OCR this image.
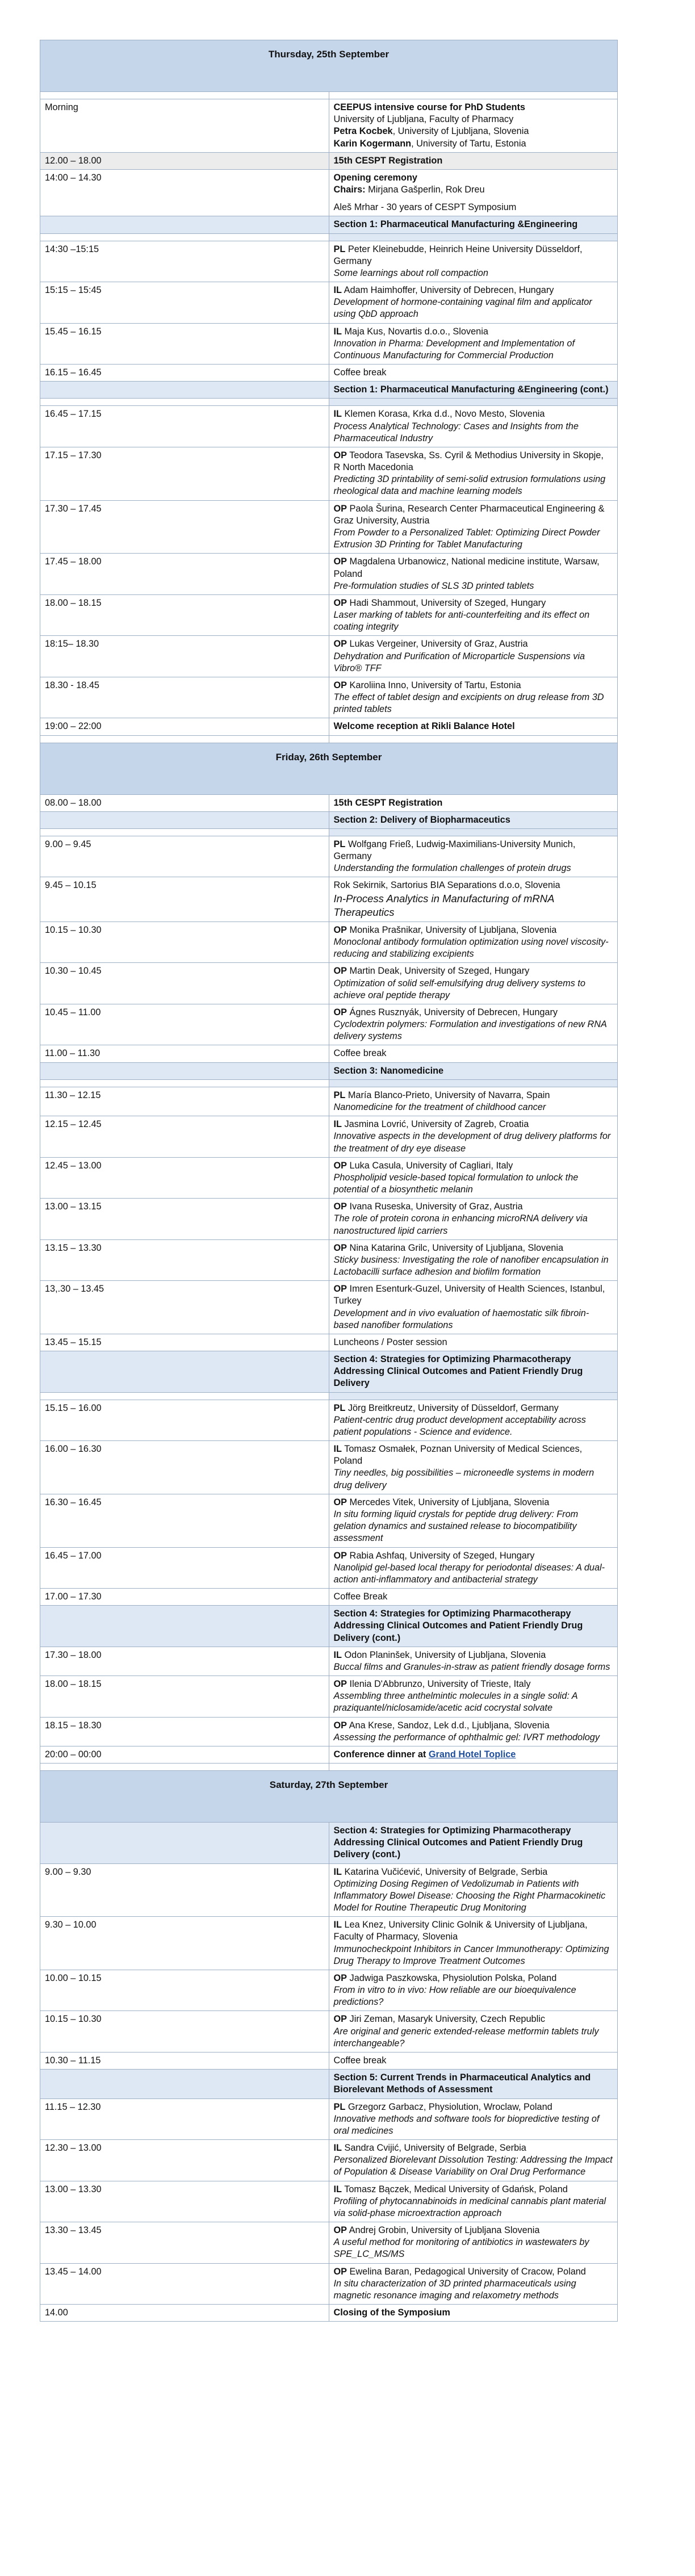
Thursday, 25th September	

Morning	CEEPUS intensive course for PhD Students
University of Ljubljana, Faculty of Pharmacy
Petra Kocbek, University of Ljubljana, Slovenia
Karin Kogermann, University of Tartu, Estonia

12.00 – 18.00	15th CESPT Registration

14:00 – 14.30	Opening ceremony
Chairs: Mirjana Gašperlin, Rok Dreu
Aleš Mrhar - 30 years of CESPT Symposium

	Section 1: Pharmaceutical Manufacturing &Engineering

14:30 –15:15	PL Peter Kleinebudde, Heinrich Heine University Düsseldorf, Germany
Some learnings about roll compaction

15:15 – 15:45	IL Adam Haimhoffer, University of Debrecen, Hungary
Development of hormone-containing vaginal film and applicator using QbD approach

15.45 – 16.15	IL Maja Kus, Novartis d.o.o., Slovenia
Innovation in Pharma: Development and Implementation of Continuous Manufacturing for Commercial Production

16.15 – 16.45	Coffee break

	Section 1: Pharmaceutical Manufacturing &Engineering (cont.)

16.45 – 17.15	IL Klemen Korasa, Krka d.d., Novo Mesto, Slovenia
Process Analytical Technology: Cases and Insights from the Pharmaceutical Industry

17.15 – 17.30	OP Teodora Tasevska, Ss. Cyril & Methodius University in Skopje, R North Macedonia
Predicting 3D printability of semi-solid extrusion formulations using rheological data and machine learning models

17.30 – 17.45	OP Paola Šurina, Research Center Pharmaceutical Engineering & Graz University, Austria
From Powder to a Personalized Tablet: Optimizing Direct Powder Extrusion 3D Printing for Tablet Manufacturing

17.45 – 18.00	OP Magdalena Urbanowicz, National medicine institute, Warsaw, Poland
Pre-formulation studies of SLS 3D printed tablets

18.00 – 18.15	OP Hadi Shammout, University of Szeged, Hungary
Laser marking of tablets for anti-counterfeiting and its effect on coating integrity

18:15– 18.30	OP Lukas Vergeiner, University of Graz, Austria
Dehydration and Purification of Microparticle Suspensions via Vibro® TFF

18.30 - 18.45	OP Karoliina Inno, University of Tartu, Estonia
The effect of tablet design and excipients on drug release from 3D printed tablets

19:00 – 22:00	Welcome reception at Rikli Balance Hotel

Friday, 26th September	
08.00 – 18.00	15th CESPT Registration

	Section 2: Delivery of Biopharmaceutics

9.00 – 9.45	PL Wolfgang Frieß, Ludwig-Maximilians-University Munich, Germany
Understanding the formulation challenges of protein drugs

9.45 – 10.15	Rok Sekirnik, Sartorius BIA Separations d.o.o, Slovenia
In-Process Analytics in Manufacturing of mRNA Therapeutics

10.15 – 10.30	OP Monika Prašnikar, University of Ljubljana, Slovenia
Monoclonal antibody formulation optimization using novel viscosity-reducing and stabilizing excipients

10.30 – 10.45	OP Martin Deak, University of Szeged, Hungary
Optimization of solid self-emulsifying drug delivery systems to achieve oral peptide therapy

10.45 – 11.00	OP Ágnes Rusznyák, University of Debrecen, Hungary
Cyclodextrin polymers: Formulation and investigations of new RNA delivery systems

11.00 – 11.30	Coffee break

	Section 3: Nanomedicine

11.30 – 12.15	PL María Blanco-Prieto, University of Navarra, Spain
Nanomedicine for the treatment of childhood cancer

12.15 – 12.45	IL Jasmina Lovrić, University of Zagreb, Croatia
Innovative aspects in the development of drug delivery platforms for the treatment of dry eye disease

12.45 – 13.00	OP Luka Casula, University of Cagliari, Italy
Phospholipid vesicle-based topical formulation to unlock the potential of a biosynthetic melanin

13.00 – 13.15	OP Ivana Ruseska, University of Graz, Austria
The role of protein corona in enhancing microRNA delivery via nanostructured lipid carriers

13.15 – 13.30	OP Nina Katarina Grilc, University of Ljubljana, Slovenia
Sticky business: Investigating the role of nanofiber encapsulation in Lactobacilli surface adhesion and biofilm formation

13,.30 – 13.45	OP Imren Esenturk-Guzel, University of Health Sciences, Istanbul, Turkey
Development and in vivo evaluation of haemostatic silk fibroin-based nanofiber formulations

13.45 – 15.15	Luncheons / Poster session

	Section 4: Strategies for Optimizing Pharmacotherapy Addressing Clinical Outcomes and Patient Friendly Drug Delivery

15.15 – 16.00	PL Jörg Breitkreutz, University of Düsseldorf, Germany
Patient-centric drug product development acceptability across patient populations - Science and evidence.

16.00 – 16.30	IL Tomasz Osmałek, Poznan University of Medical Sciences, Poland
Tiny needles, big possibilities – microneedle systems in modern drug delivery

16.30 – 16.45	OP Mercedes Vitek, University of Ljubljana, Slovenia
In situ forming liquid crystals for peptide drug delivery: From gelation dynamics and sustained release to biocompatibility assessment

16.45 – 17.00	OP Rabia Ashfaq, University of Szeged, Hungary
Nanolipid gel-based local therapy for periodontal diseases: A dual-action anti-inflammatory and antibacterial strategy

17.00 – 17.30	Coffee Break

	Section 4: Strategies for Optimizing Pharmacotherapy Addressing Clinical Outcomes and Patient Friendly Drug Delivery (cont.)
17.30 – 18.00	IL Odon Planinšek, University of Ljubljana, Slovenia
Buccal films and Granules-in-straw as patient friendly dosage forms

18.00 – 18.15	OP Ilenia D'Abbrunzo, University of Trieste, Italy
Assembling three anthelmintic molecules in a single solid: A praziquantel/niclosamide/acetic acid cocrystal solvate

18.15 – 18.30	OP Ana Krese, Sandoz, Lek d.d., Ljubljana, Slovenia
Assessing the performance of ophthalmic gel: IVRT methodology

20:00 – 00:00	Conference dinner at Grand Hotel Toplice

Saturday, 27th September	
	Section 4: Strategies for Optimizing Pharmacotherapy Addressing Clinical Outcomes and Patient Friendly Drug Delivery (cont.)
9.00 – 9.30	IL Katarina Vučićević, University of Belgrade, Serbia
Optimizing Dosing Regimen of Vedolizumab in Patients with Inflammatory Bowel Disease: Choosing the Right Pharmacokinetic Model for Routine Therapeutic Drug Monitoring

9.30 – 10.00	IL Lea Knez, University Clinic Golnik & University of Ljubljana, Faculty of Pharmacy, Slovenia
Immunocheckpoint Inhibitors in Cancer Immunotherapy: Optimizing Drug Therapy to Improve Treatment Outcomes

10.00 – 10.15	OP Jadwiga Paszkowska, Physiolution Polska, Poland
From in vitro to in vivo: How reliable are our bioequivalence predictions?

10.15 – 10.30	OP Jiri Zeman, Masaryk University, Czech Republic
Are original and generic extended-release metformin tablets truly interchangeable?

10.30 – 11.15	Coffee break

	Section 5: Current Trends in Pharmaceutical Analytics and Biorelevant Methods of Assessment
11.15 – 12.30	PL Grzegorz Garbacz, Physiolution, Wroclaw, Poland
Innovative methods and software tools for biopredictive testing of oral medicines

12.30 – 13.00	IL Sandra Cvijić, University of Belgrade, Serbia
Personalized Biorelevant Dissolution Testing: Addressing the Impact of Population & Disease Variability on Oral Drug Performance

13.00 – 13.30	IL Tomasz Bączek, Medical University of Gdańsk, Poland
Profiling of phytocannabinoids in medicinal cannabis plant material via solid-phase microextraction approach

13.30 – 13.45	OP Andrej Grobin, University of Ljubljana Slovenia
A useful method for monitoring of antibiotics in wastewaters by SPE_LC_MS/MS

13.45 – 14.00	OP Ewelina Baran, Pedagogical University of Cracow, Poland
In situ characterization of 3D printed pharmaceuticals using magnetic resonance imaging and relaxometry methods

14.00	Closing of the Symposium
